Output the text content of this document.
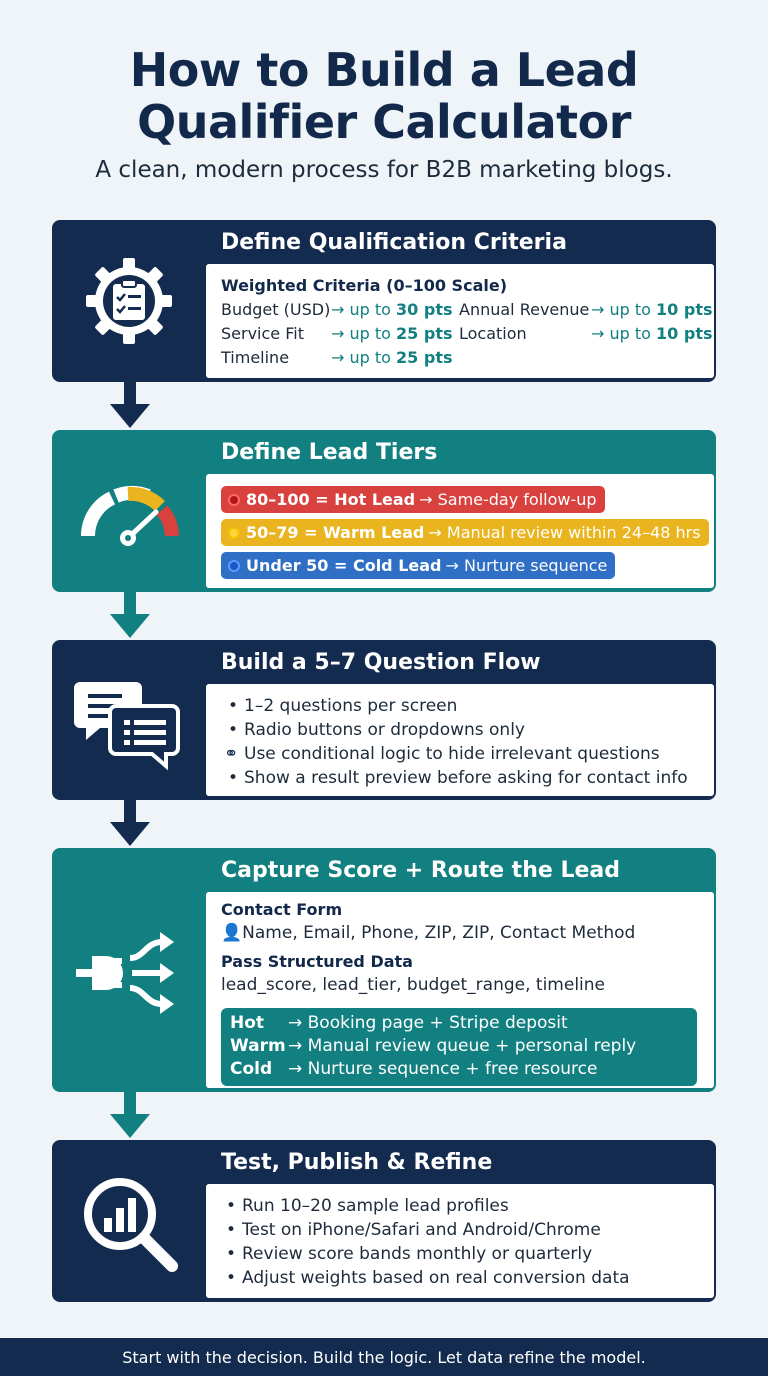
How to Build a Lead
Qualifier Calculator
A clean, modern process for B2B marketing blogs.
Define Qualification Criteria
Weighted Criteria (0–100 Scale)
Budget (USD) → up to 30 pts
Service Fit → up to 25 pts
Timeline	→ up to 25 pts
Annual Revenue → up to 10 pts
Location	→ up to 10 pts
Define Lead Tiers
80–100 = Hot Lead → Same-day follow-up
50–79 = Warm Lead → Manual review within 24–48 hrs
Under 50 = Cold Lead → Nurture sequence
Build a 5–7 Question Flow
• 1–2 questions per screen
• Radio buttons or dropdowns only
⚭ Use conditional logic to hide irrelevant questions
• Show a result preview before asking for contact info
Capture Score + Route the Lead
Contact Form
👤Name, Email, Phone, ZIP, ZIP, Contact Method
Pass Structured Data
lead_score, lead_tier, budget_range, timeline
Hot → Booking page + Stripe deposit
Warm → Manual review queue + personal reply
Cold → Nurture sequence + free resource
Test, Publish & Refine
• Run 10–20 sample lead profiles
• Test on iPhone/Safari and Android/Chrome
• Review score bands monthly or quarterly
• Adjust weights based on real conversion data
Start with the decision. Build the logic. Let data refine the model.
